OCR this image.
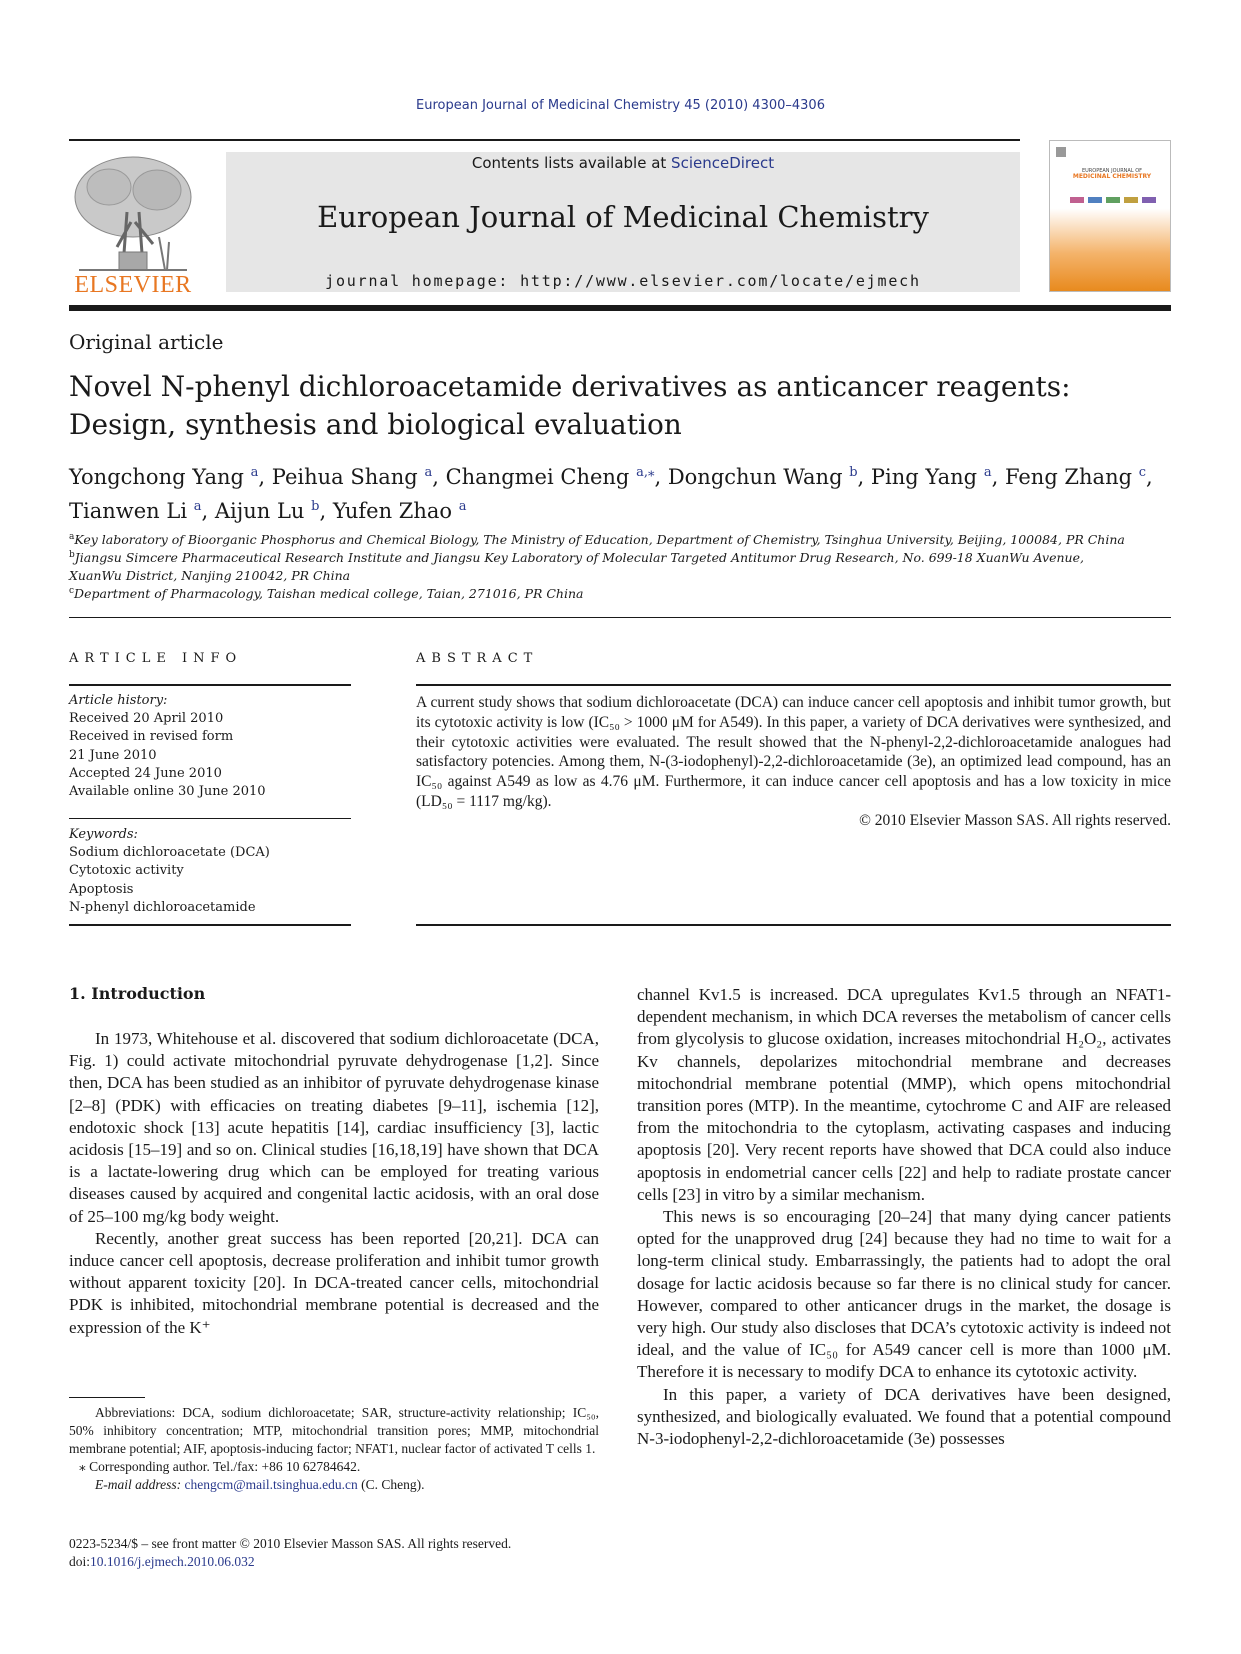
European Journal of Medicinal Chemistry 45 (2010) 4300–4306
ELSEVIER
Contents lists available at ScienceDirect
European Journal of Medicinal Chemistry
journal homepage: http://www.elsevier.com/locate/ejmech
EUROPEAN JOURNAL OF
MEDICINAL CHEMISTRY
Original article
Novel N-phenyl dichloroacetamide derivatives as anticancer reagents:
Design, synthesis and biological evaluation
Yongchong Yang $^a$, Peihua Shang $^a$, Changmei Cheng $^{a,⁎}$, Dongchun Wang $^b$, Ping Yang $^a$, Feng Zhang $^c$,
Tianwen Li $^a$, Aijun Lu $^b$, Yufen Zhao $^a$
$^a$Key laboratory of Bioorganic Phosphorus and Chemical Biology, The Ministry of Education, Department of Chemistry, Tsinghua University, Beijing, 100084, PR China
$^b$Jiangsu Simcere Pharmaceutical Research Institute and Jiangsu Key Laboratory of Molecular Targeted Antitumor Drug Research, No. 699-18 XuanWu Avenue,
XuanWu District, Nanjing 210042, PR China
$^c$Department of Pharmacology, Taishan medical college, Taian, 271016, PR China
ARTICLE INFO
Article history:
Received 20 April 2010
Received in revised form
21 June 2010
Accepted 24 June 2010
Available online 30 June 2010
Keywords:
Sodium dichloroacetate (DCA)
Cytotoxic activity
Apoptosis
N-phenyl dichloroacetamide
ABSTRACT
A current study shows that sodium dichloroacetate (DCA) can induce cancer cell apoptosis and inhibit tumor growth, but its cytotoxic activity is low (IC₅₀ > 1000 μM for A549). In this paper, a variety of DCA derivatives were synthesized, and their cytotoxic activities were evaluated. The result showed that the N-phenyl-2,2-dichloroacetamide analogues had satisfactory potencies. Among them, N-(3-iodophenyl)-2,2-dichloroacetamide (3e), an optimized lead compound, has an IC₅₀ against A549 as low as 4.76 μM. Furthermore, it can induce cancer cell apoptosis and has a low toxicity in mice (LD₅₀ = 1117 mg/kg).
© 2010 Elsevier Masson SAS. All rights reserved.
1. Introduction

In 1973, Whitehouse et al. discovered that sodium dichloroacetate (DCA, Fig. 1) could activate mitochondrial pyruvate dehydrogenase [1,2]. Since then, DCA has been studied as an inhibitor of pyruvate dehydrogenase kinase [2–8] (PDK) with efficacies on treating diabetes [9–11], ischemia [12], endotoxic shock [13] acute hepatitis [14], cardiac insufficiency [3], lactic acidosis [15–19] and so on. Clinical studies [16,18,19] have shown that DCA is a lactate-lowering drug which can be employed for treating various diseases caused by acquired and congenital lactic acidosis, with an oral dose of 25–100 mg/kg body weight.

Recently, another great success has been reported [20,21]. DCA can induce cancer cell apoptosis, decrease proliferation and inhibit tumor growth without apparent toxicity [20]. In DCA-treated cancer cells, mitochondrial PDK is inhibited, mitochondrial membrane potential is decreased and the expression of the K⁺

channel Kv1.5 is increased. DCA upregulates Kv1.5 through an NFAT1-dependent mechanism, in which DCA reverses the metabolism of cancer cells from glycolysis to glucose oxidation, increases mitochondrial H₂O₂, activates Kv channels, depolarizes mitochondrial membrane and decreases mitochondrial membrane potential (MMP), which opens mitochondrial transition pores (MTP). In the meantime, cytochrome C and AIF are released from the mitochondria to the cytoplasm, activating caspases and inducing apoptosis [20]. Very recent reports have showed that DCA could also induce apoptosis in endometrial cancer cells [22] and help to radiate prostate cancer cells [23] in vitro by a similar mechanism.

This news is so encouraging [20–24] that many dying cancer patients opted for the unapproved drug [24] because they had no time to wait for a long-term clinical study. Embarrassingly, the patients had to adopt the oral dosage for lactic acidosis because so far there is no clinical study for cancer. However, compared to other anticancer drugs in the market, the dosage is very high. Our study also discloses that DCA’s cytotoxic activity is indeed not ideal, and the value of IC₅₀ for A549 cancer cell is more than 1000 μM. Therefore it is necessary to modify DCA to enhance its cytotoxic activity.

In this paper, a variety of DCA derivatives have been designed, synthesized, and biologically evaluated. We found that a potential compound N-3-iodophenyl-2,2-dichloroacetamide (3e) possesses

Abbreviations: DCA, sodium dichloroacetate; SAR, structure-activity relationship; IC₅₀, 50% inhibitory concentration; MTP, mitochondrial transition pores; MMP, mitochondrial membrane potential; AIF, apoptosis-inducing factor; NFAT1, nuclear factor of activated T cells 1.

⁎ Corresponding author. Tel./fax: +86 10 62784642.

E-mail address: chengcm@mail.tsinghua.edu.cn (C. Cheng).

0223-5234/$ – see front matter © 2010 Elsevier Masson SAS. All rights reserved.
doi:10.1016/j.ejmech.2010.06.032
